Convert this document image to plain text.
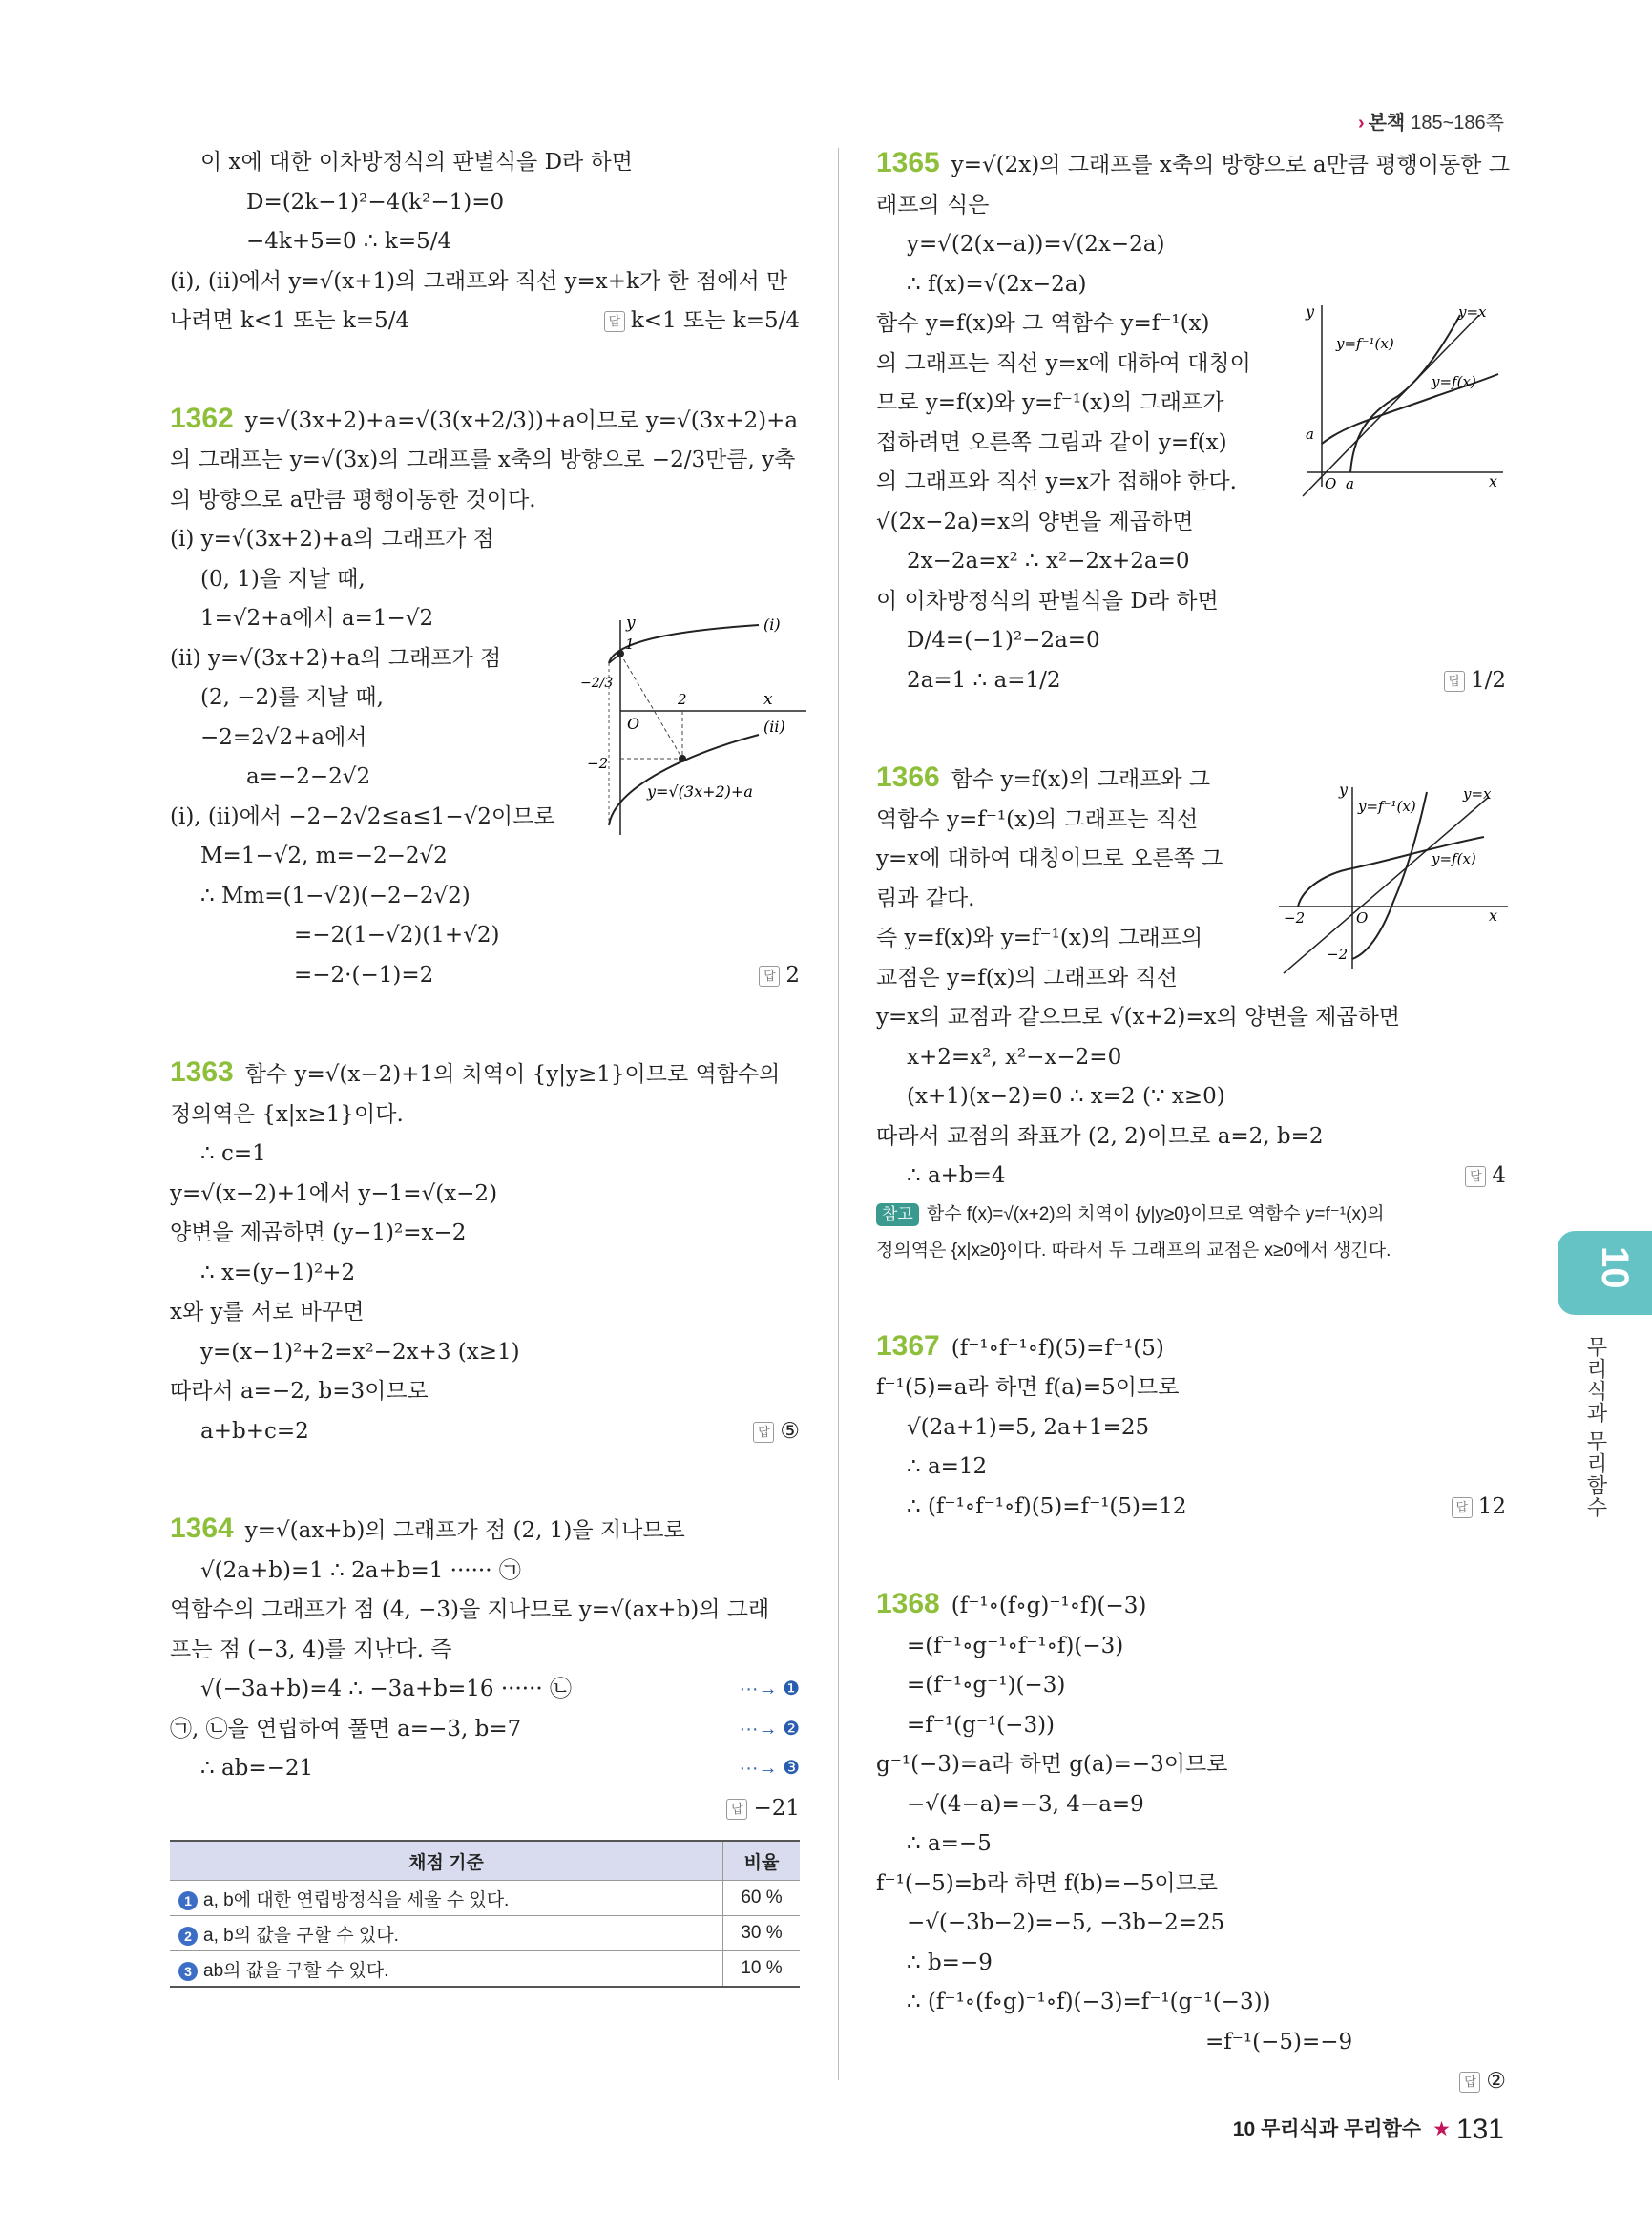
› 본책 185~186쪽
이 x에 대한 이차방정식의 판별식을 D라 하면
D=(2k−1)²−4(k²−1)=0
−4k+5=0 ∴ k=5/4
(i), (ii)에서 y=√(x+1)의 그래프와 직선 y=x+k가 한 점에서 만
나려면 k<1 또는 k=5/4	답 k<1 또는 k=5/4
1362 y=√(3x+2)+a=√(3(x+2/3))+a이므로 y=√(3x+2)+a
의 그래프는 y=√(3x)의 그래프를 x축의 방향으로 −2/3만큼, y축
의 방향으로 a만큼 평행이동한 것이다.
(i) y=√(3x+2)+a의 그래프가 점
(0, 1)을 지날 때,
1=√2+a에서 a=1−√2
(ii) y=√(3x+2)+a의 그래프가 점
(2, −2)를 지날 때,
−2=2√2+a에서
a=−2−2√2
(i), (ii)에서 −2−2√2≤a≤1−√2이므로
M=1−√2, m=−2−2√2
∴ Mm=(1−√2)(−2−2√2)
=−2(1−√2)(1+√2)
=−2·(−1)=2	답 2
1363 함수 y=√(x−2)+1의 치역이 {y|y≥1}이므로 역함수의
정의역은 {x|x≥1}이다.
∴ c=1
y=√(x−2)+1에서 y−1=√(x−2)
양변을 제곱하면 (y−1)²=x−2
∴ x=(y−1)²+2
x와 y를 서로 바꾸면
y=(x−1)²+2=x²−2x+3 (x≥1)
따라서 a=−2, b=3이므로
a+b+c=2	답 ⑤
1364 y=√(ax+b)의 그래프가 점 (2, 1)을 지나므로
√(2a+b)=1 ∴ 2a+b=1 ······ ㉠
역함수의 그래프가 점 (4, −3)을 지나므로 y=√(ax+b)의 그래
프는 점 (−3, 4)를 지난다. 즉
√(−3a+b)=4 ∴ −3a+b=16 ······ ㉡	···→ ❶
㉠, ㉡을 연립하여 풀면 a=−3, b=7	···→ ❷
∴ ab=−21	···→ ❸

답 −21
채점 기준	비율
1 a, b에 대한 연립방정식을 세울 수 있다.	60 %
2 a, b의 값을 구할 수 있다.	30 %
3 ab의 값을 구할 수 있다.	10 %
y	(i)
(ii)
x
O
1
2
−2
−2/3
y=√(3x+2)+a
1365 y=√(2x)의 그래프를 x축의 방향으로 a만큼 평행이동한 그
래프의 식은
y=√(2(x−a))=√(2x−2a)
∴ f(x)=√(2x−2a)
함수 y=f(x)와 그 역함수 y=f⁻¹(x)
의 그래프는 직선 y=x에 대하여 대칭이
므로 y=f(x)와 y=f⁻¹(x)의 그래프가
접하려면 오른쪽 그림과 같이 y=f(x)
의 그래프와 직선 y=x가 접해야 한다.
√(2x−2a)=x의 양변을 제곱하면
2x−2a=x² ∴ x²−2x+2a=0
이 이차방정식의 판별식을 D라 하면
D/4=(−1)²−2a=0
2a=1 ∴ a=1/2	답 1/2
1366 함수 y=f(x)의 그래프와 그
역함수 y=f⁻¹(x)의 그래프는 직선
y=x에 대하여 대칭이므로 오른쪽 그
림과 같다.
즉 y=f(x)와 y=f⁻¹(x)의 그래프의
교점은 y=f(x)의 그래프와 직선
y=x의 교점과 같으므로 √(x+2)=x의 양변을 제곱하면
x+2=x², x²−x−2=0
(x+1)(x−2)=0 ∴ x=2 (∵ x≥0)
따라서 교점의 좌표가 (2, 2)이므로 a=2, b=2
∴ a+b=4	답 4
참고 함수 f(x)=√(x+2)의 치역이 {y|y≥0}이므로 역함수 y=f⁻¹(x)의
정의역은 {x|x≥0}이다. 따라서 두 그래프의 교점은 x≥0에서 생긴다.
1367 (f⁻¹∘f⁻¹∘f)(5)=f⁻¹(5)
f⁻¹(5)=a라 하면 f(a)=5이므로
√(2a+1)=5, 2a+1=25
∴ a=12
∴ (f⁻¹∘f⁻¹∘f)(5)=f⁻¹(5)=12	답 12
1368 (f⁻¹∘(f∘g)⁻¹∘f)(−3)
=(f⁻¹∘g⁻¹∘f⁻¹∘f)(−3)
=(f⁻¹∘g⁻¹)(−3)
=f⁻¹(g⁻¹(−3))
g⁻¹(−3)=a라 하면 g(a)=−3이므로
−√(4−a)=−3, 4−a=9
∴ a=−5
f⁻¹(−5)=b라 하면 f(b)=−5이므로
−√(−3b−2)=−5, −3b−2=25
∴ b=−9
∴ (f⁻¹∘(f∘g)⁻¹∘f)(−3)=f⁻¹(g⁻¹(−3))
=f⁻¹(−5)=−9

답 ②
y
x
O a
a
y=x
y=f⁻¹(x)
y=f(x)
y
x
O
−2
−2
y=x
y=f⁻¹(x)
y=f(x)
10
무리식과 무리함수
10 무리식과 무리함수 ★ 131
